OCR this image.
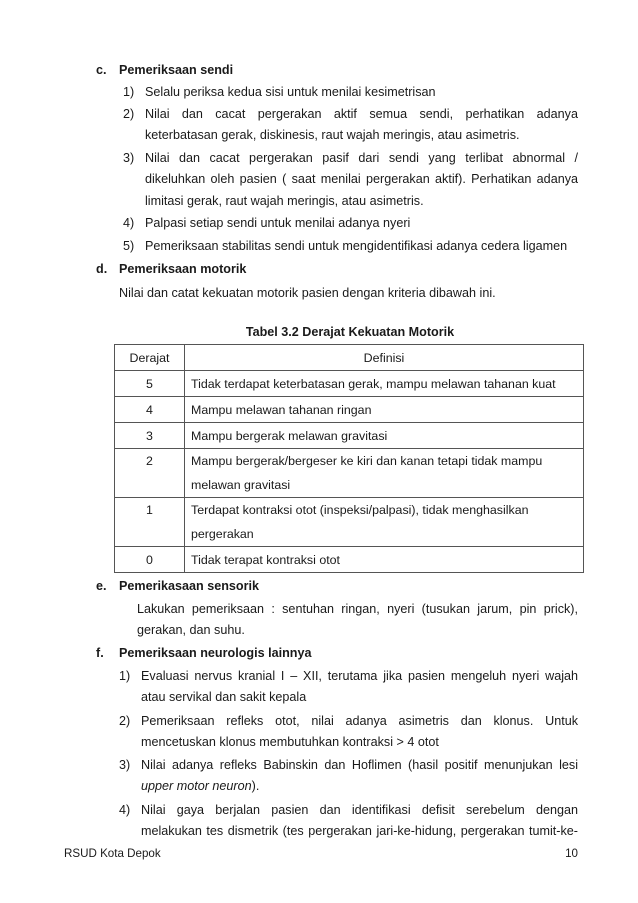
c. Pemeriksaan sendi
1) Selalu periksa kedua sisi untuk menilai kesimetrisan
2) Nilai dan cacat pergerakan aktif semua sendi, perhatikan adanya
keterbatasan gerak, diskinesis, raut wajah meringis, atau asimetris.
3) Nilai dan cacat pergerakan pasif dari sendi yang terlibat abnormal /
dikeluhkan oleh pasien ( saat menilai pergerakan aktif). Perhatikan adanya
limitasi gerak, raut wajah meringis, atau asimetris.
4) Palpasi setiap sendi untuk menilai adanya nyeri
5) Pemeriksaan stabilitas sendi untuk mengidentifikasi adanya cedera ligamen
d. Pemeriksaan motorik
Nilai dan catat kekuatan motorik pasien dengan kriteria dibawah ini.
Tabel 3.2 Derajat Kekuatan Motorik
Derajat	Definisi
5	Tidak terdapat keterbatasan gerak, mampu melawan tahanan kuat
4	Mampu melawan tahanan ringan
3	Mampu bergerak melawan gravitasi
2	Mampu bergerak/bergeser ke kiri dan kanan tetapi tidak mampu
melawan gravitasi

1	Terdapat kontraksi otot (inspeksi/palpasi), tidak menghasilkan
pergerakan

0	Tidak terapat kontraksi otot
e. Pemerikasaan sensorik
Lakukan pemeriksaan : sentuhan ringan, nyeri (tusukan jarum, pin prick),
gerakan, dan suhu.
f. Pemeriksaan neurologis lainnya
1) Evaluasi nervus kranial I – XII, terutama jika pasien mengeluh nyeri wajah
atau servikal dan sakit kepala
2) Pemeriksaan refleks otot, nilai adanya asimetris dan klonus. Untuk
mencetuskan klonus membutuhkan kontraksi > 4 otot
3) Nilai adanya refleks Babinskin dan Hoflimen (hasil positif menunjukan lesi
upper motor neuron).
4) Nilai gaya berjalan pasien dan identifikasi defisit serebelum dengan
melakukan tes dismetrik (tes pergerakan jari-ke-hidung, pergerakan tumit-ke-
RSUD Kota Depok	10
